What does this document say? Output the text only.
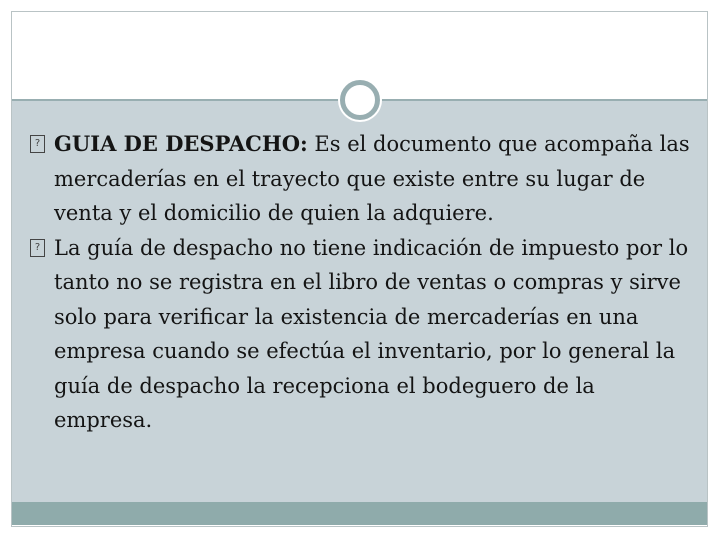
? GUIA DE DESPACHO: Es el documento que acompaña las mercaderías en el trayecto que existe entre su lugar de venta y el domicilio de quien la adquiere.
? La guía de despacho no tiene indicación de impuesto por lo tanto no se registra en el libro de ventas o compras y sirve solo para verificar la existencia de mercaderías en una empresa cuando se efectúa el inventario, por lo general la guía de despacho la recepciona el bodeguero de la empresa.
